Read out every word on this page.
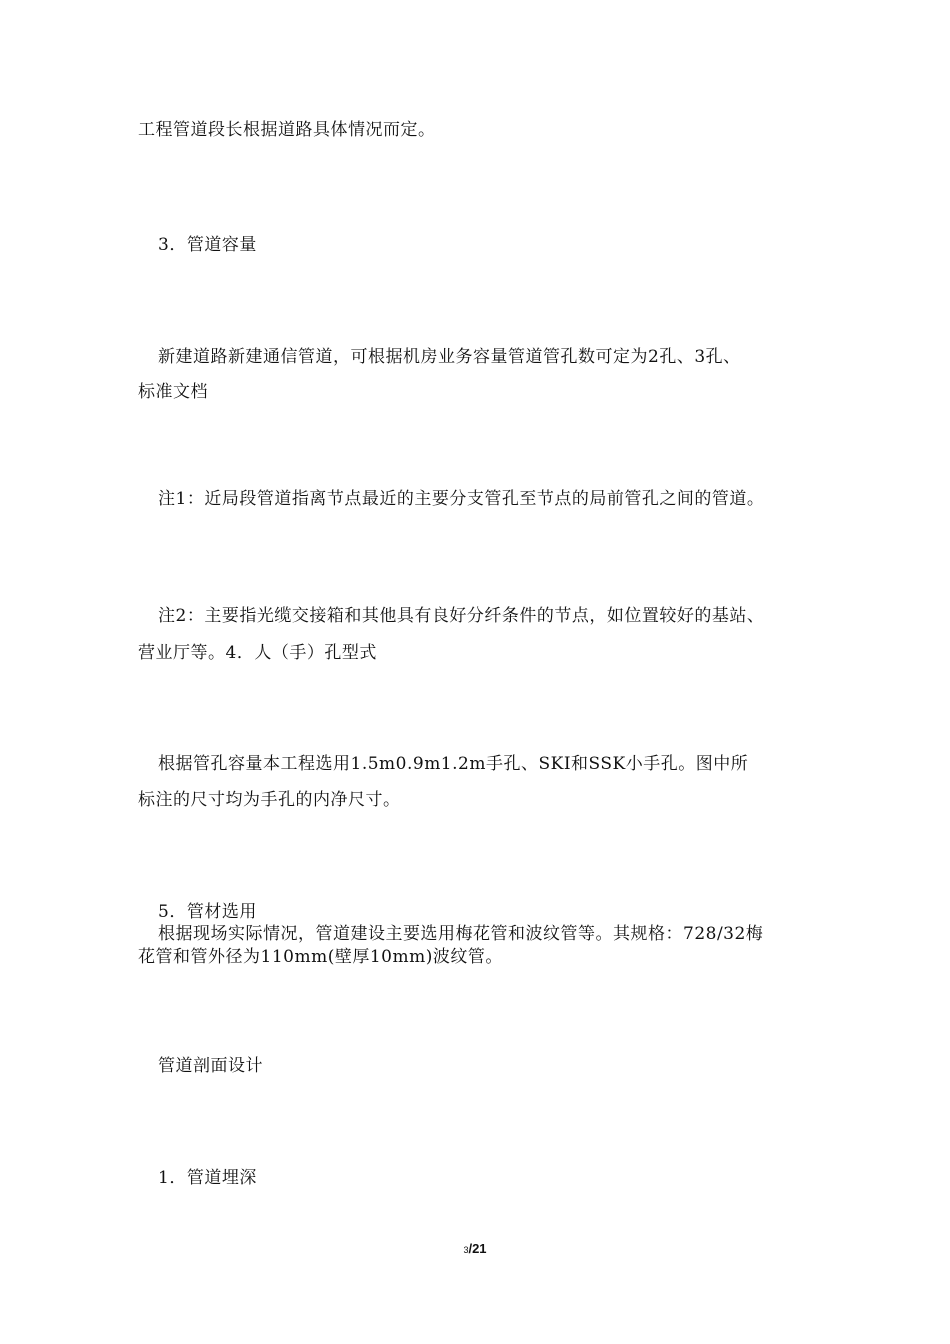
工程管道段长根据道路具体情况而定。
3．管道容量
新建道路新建通信管道，可根据机房业务容量管道管孔数可定为2孔、3孔、
标准文档
注1：近局段管道指离节点最近的主要分支管孔至节点的局前管孔之间的管道。
注2：主要指光缆交接箱和其他具有良好分纤条件的节点，如位置较好的基站、
营业厅等。4．人（手）孔型式
根据管孔容量本工程选用1.5m0.9m1.2m手孔、SKI和SSK小手孔。图中所
标注的尺寸均为手孔的内净尺寸。
5．管材选用
根据现场实际情况，管道建设主要选用梅花管和波纹管等。其规格：728/32梅
花管和管外径为110mm(壁厚10mm)波纹管。
管道剖面设计
1．管道埋深
3/21
